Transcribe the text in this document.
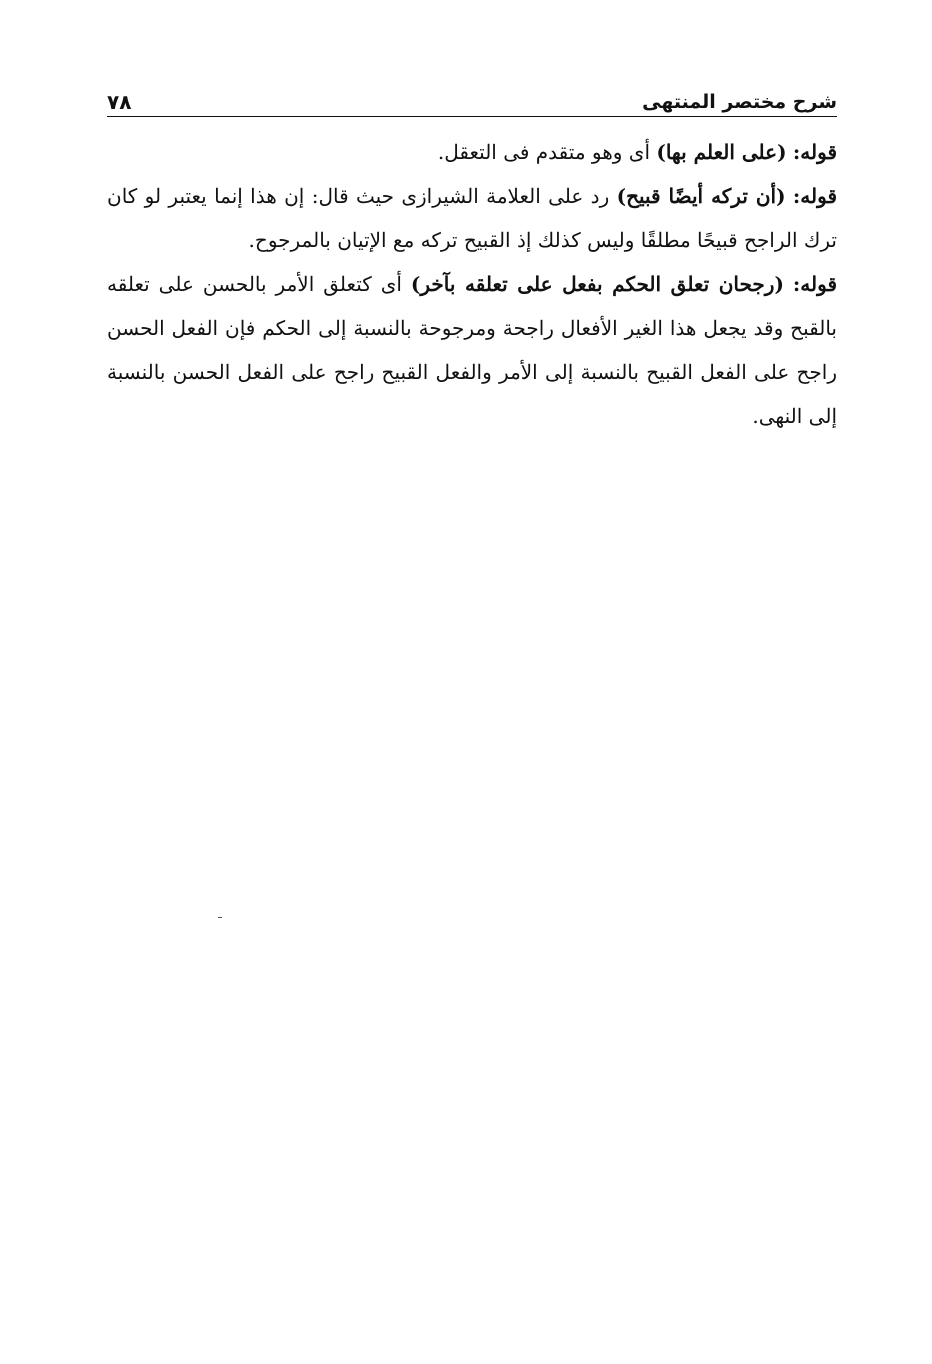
شرح مختصر المنتهى
٧٨

قوله: (على العلم بها) أى وهو متقدم فى التعقل.

قوله: (أن تركه أيضًا قبيح) رد على العلامة الشيرازى حيث قال: إن هذا إنما يعتبر لو كان ترك الراجح قبيحًا مطلقًا وليس كذلك إذ القبيح تركه مع الإتيان بالمرجوح.

قوله: (رجحان تعلق الحكم بفعل على تعلقه بآخر) أى كتعلق الأمر بالحسن على تعلقه بالقبح وقد يجعل هذا الغير الأفعال راجحة ومرجوحة بالنسبة إلى الحكم فإن الفعل الحسن راجح على الفعل القبيح بالنسبة إلى الأمر والفعل القبيح راجح على الفعل الحسن بالنسبة إلى النهى.
